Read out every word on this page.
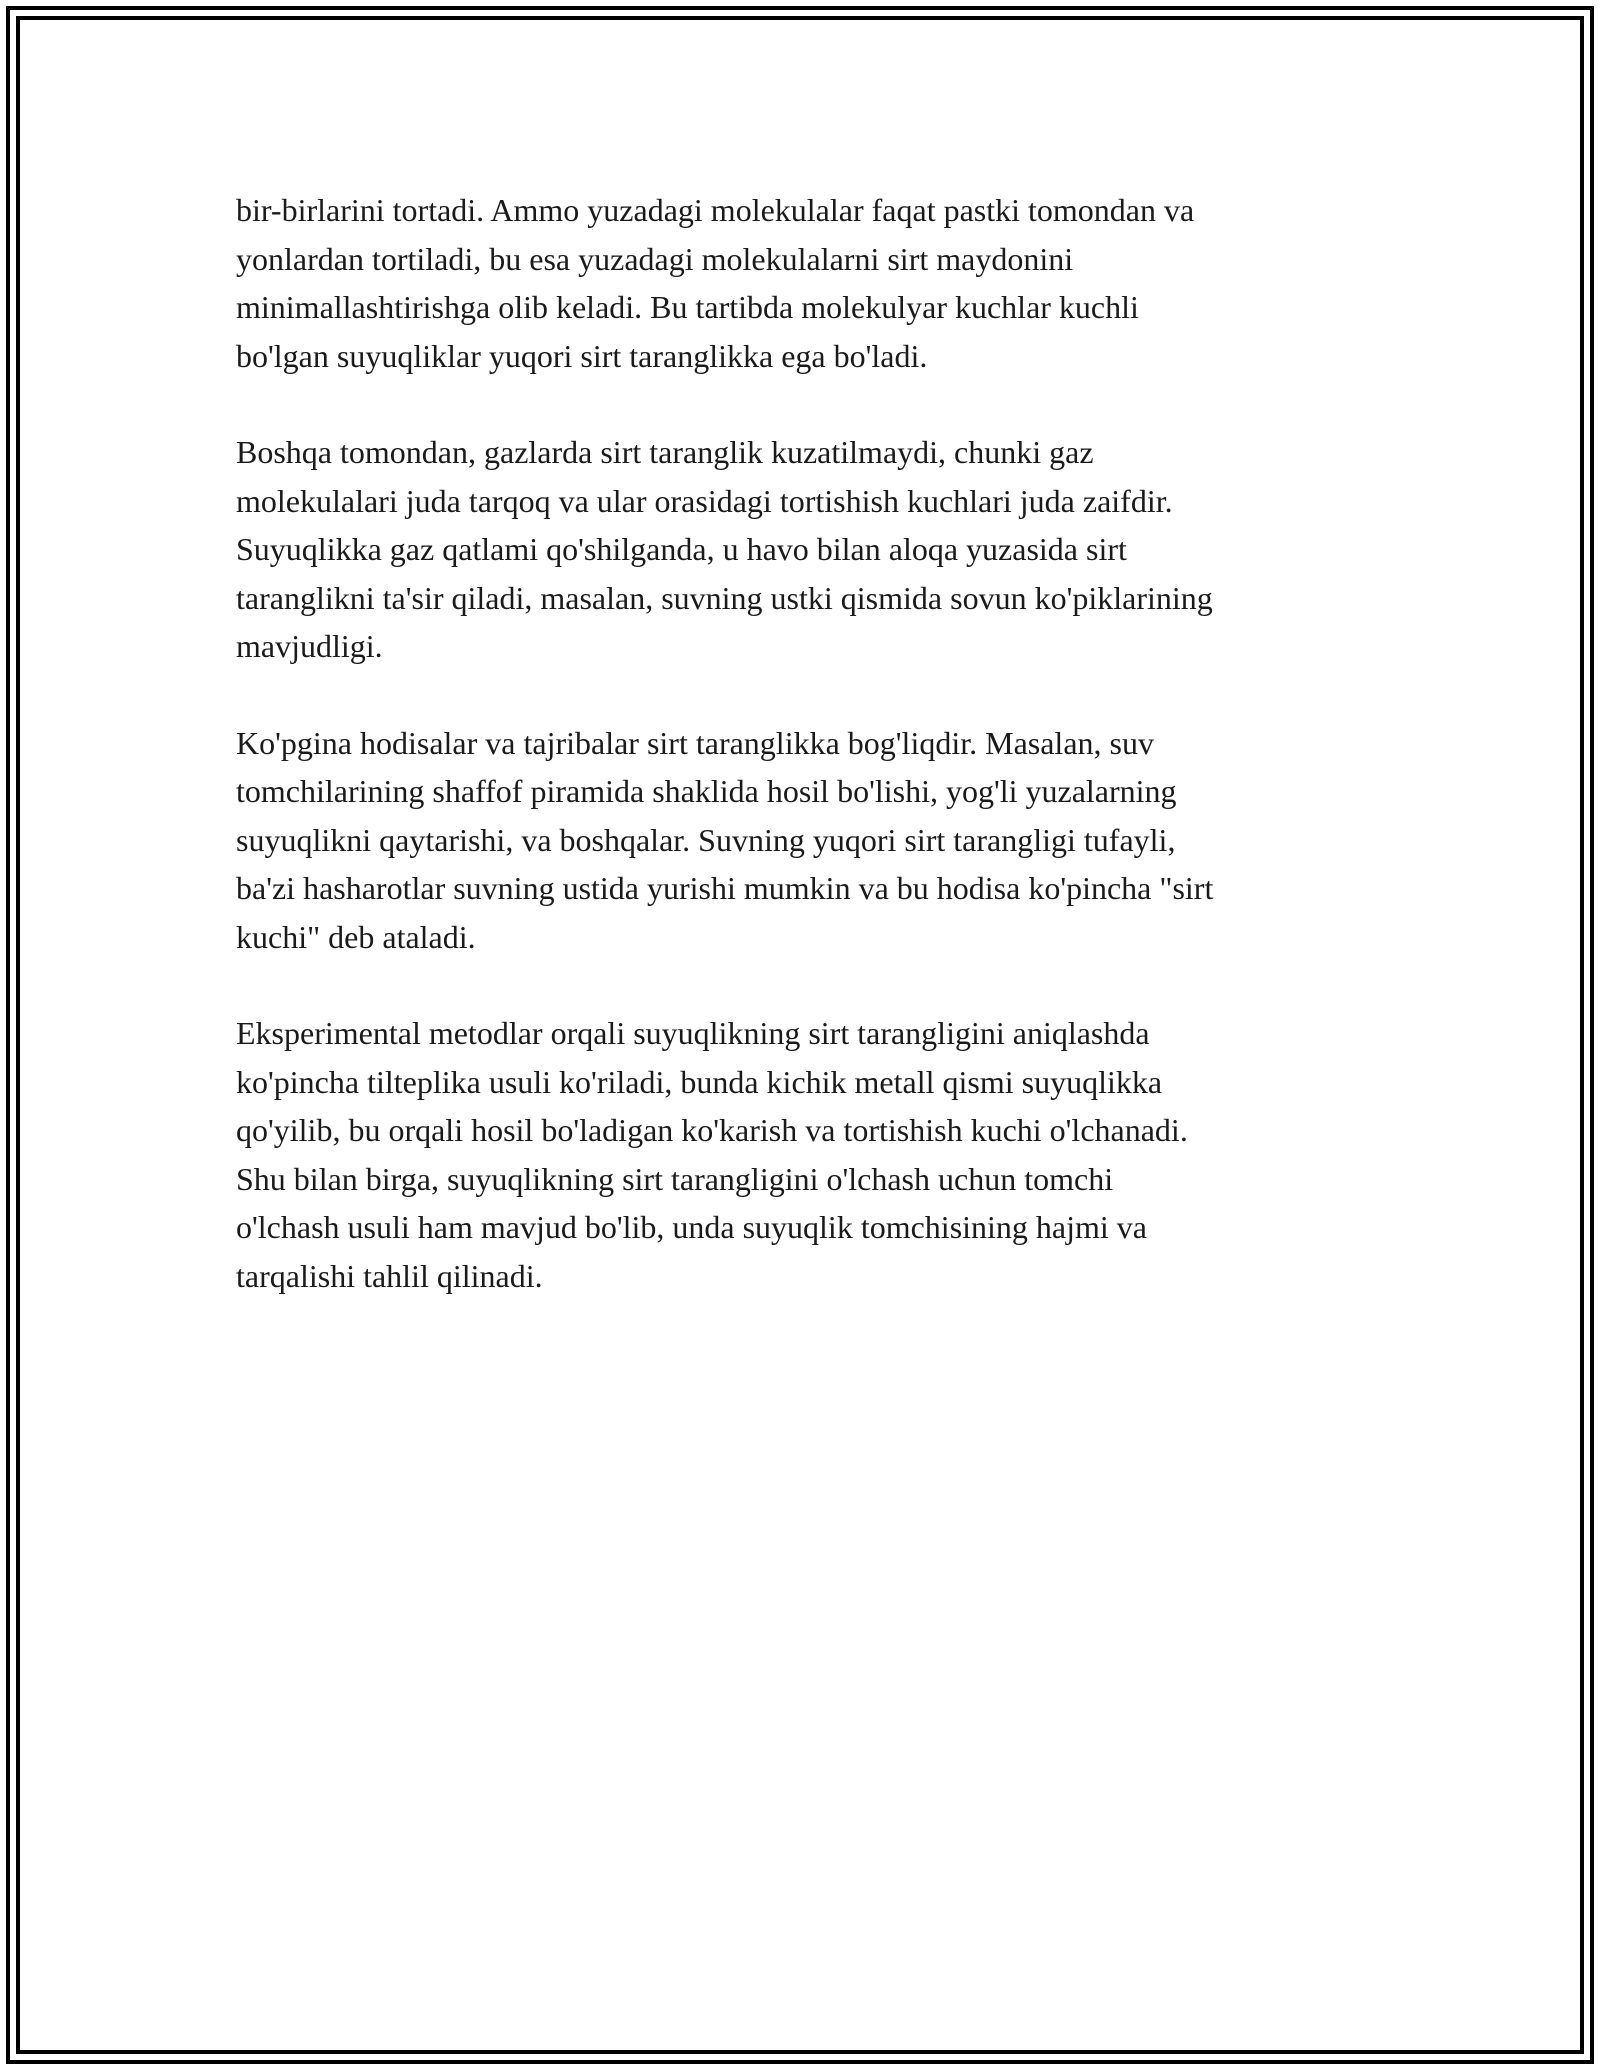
bir-birlarini tortadi. Ammo yuzadagi molekulalar faqat pastki tomondan va
yonlardan tortiladi, bu esa yuzadagi molekulalarni sirt maydonini
minimallashtirishga olib keladi. Bu tartibda molekulyar kuchlar kuchli
bo'lgan suyuqliklar yuqori sirt taranglikka ega bo'ladi.

Boshqa tomondan, gazlarda sirt taranglik kuzatilmaydi, chunki gaz
molekulalari juda tarqoq va ular orasidagi tortishish kuchlari juda zaifdir.
Suyuqlikka gaz qatlami qo'shilganda, u havo bilan aloqa yuzasida sirt
taranglikni ta'sir qiladi, masalan, suvning ustki qismida sovun ko'piklarining
mavjudligi.

Ko'pgina hodisalar va tajribalar sirt taranglikka bog'liqdir. Masalan, suv
tomchilarining shaffof piramida shaklida hosil bo'lishi, yog'li yuzalarning
suyuqlikni qaytarishi, va boshqalar. Suvning yuqori sirt tarangligi tufayli,
ba'zi hasharotlar suvning ustida yurishi mumkin va bu hodisa ko'pincha "sirt
kuchi" deb ataladi.

Eksperimental metodlar orqali suyuqlikning sirt tarangligini aniqlashda
ko'pincha tilteplika usuli ko'riladi, bunda kichik metall qismi suyuqlikka
qo'yilib, bu orqali hosil bo'ladigan ko'karish va tortishish kuchi o'lchanadi.
Shu bilan birga, suyuqlikning sirt tarangligini o'lchash uchun tomchi
o'lchash usuli ham mavjud bo'lib, unda suyuqlik tomchisining hajmi va
tarqalishi tahlil qilinadi.
